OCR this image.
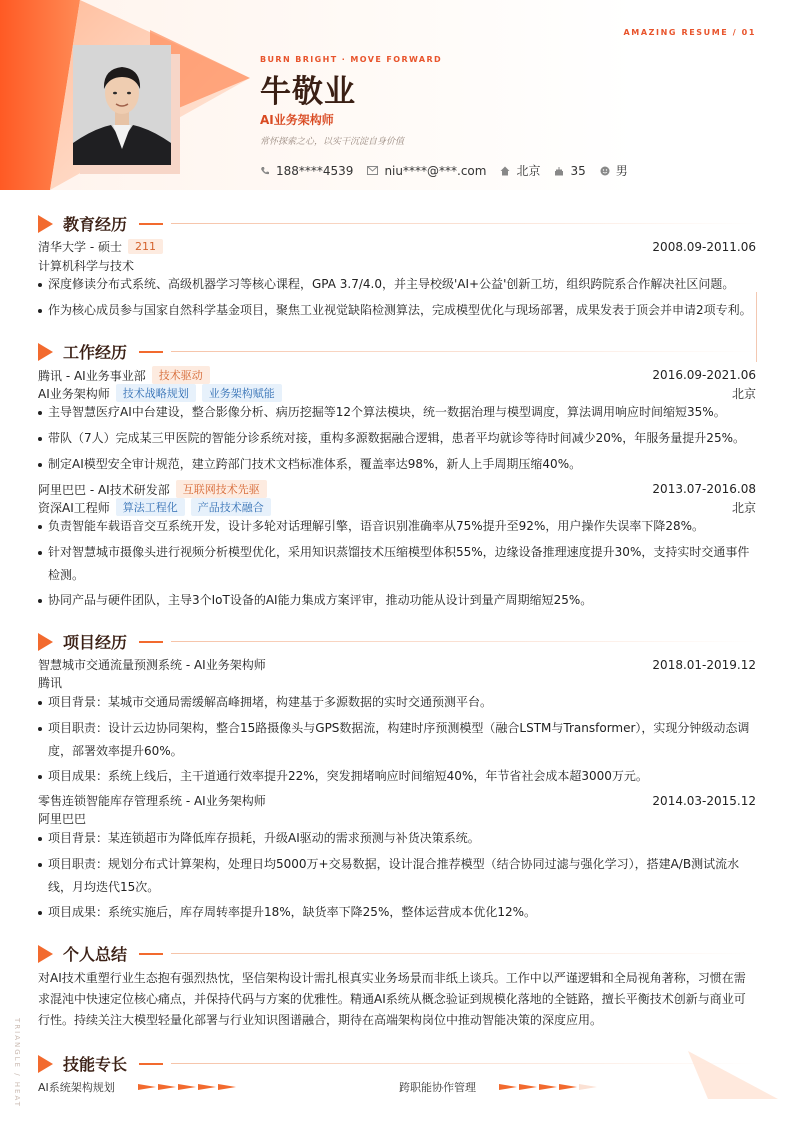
AMAZING RESUME / 01
BURN BRIGHT · MOVE FORWARD
牛敬业
AI业务架构师
常怀探索之心，以实干沉淀自身价值
188****4539	niu****@***.com	北京	35	男
教育经历
清华大学 - 硕士	211	2008.09-2011.06
计算机科学与技术
深度修读分布式系统、高级机器学习等核心课程，GPA 3.7/4.0，并主导校级'AI+公益'创新工坊，组织跨院系合作解决社区问题。
作为核心成员参与国家自然科学基金项目，聚焦工业视觉缺陷检测算法，完成模型优化与现场部署，成果发表于顶会并申请2项专利。
工作经历
腾讯 - AI业务事业部	技术驱动	2016.09-2021.06
AI业务架构师	技术战略规划	业务架构赋能	北京
主导智慧医疗AI中台建设，整合影像分析、病历挖掘等12个算法模块，统一数据治理与模型调度，算法调用响应时间缩短35%。
带队（7人）完成某三甲医院的智能分诊系统对接，重构多源数据融合逻辑，患者平均就诊等待时间减少20%，年服务量提升25%。
制定AI模型安全审计规范，建立跨部门技术文档标准体系，覆盖率达98%，新人上手周期压缩40%。
阿里巴巴 - AI技术研发部	互联网技术先驱	2013.07-2016.08
资深AI工程师	算法工程化	产品技术融合	北京
负责智能车载语音交互系统开发，设计多轮对话理解引擎，语音识别准确率从75%提升至92%，用户操作失误率下降28%。
针对智慧城市摄像头进行视频分析模型优化，采用知识蒸馏技术压缩模型体积55%，边缘设备推理速度提升30%，支持实时交通事件检测。
协同产品与硬件团队，主导3个IoT设备的AI能力集成方案评审，推动功能从设计到量产周期缩短25%。
项目经历
智慧城市交通流量预测系统 - AI业务架构师	2018.01-2019.12
腾讯
项目背景：某城市交通局需缓解高峰拥堵，构建基于多源数据的实时交通预测平台。
项目职责：设计云边协同架构，整合15路摄像头与GPS数据流，构建时序预测模型（融合LSTM与Transformer），实现分钟级动态调度，部署效率提升60%。
项目成果：系统上线后，主干道通行效率提升22%，突发拥堵响应时间缩短40%，年节省社会成本超3000万元。
零售连锁智能库存管理系统 - AI业务架构师	2014.03-2015.12
阿里巴巴
项目背景：某连锁超市为降低库存损耗，升级AI驱动的需求预测与补货决策系统。
项目职责：规划分布式计算架构，处理日均5000万+交易数据，设计混合推荐模型（结合协同过滤与强化学习），搭建A/B测试流水线，月均迭代15次。
项目成果：系统实施后，库存周转率提升18%，缺货率下降25%，整体运营成本优化12%。
个人总结
对AI技术重塑行业生态抱有强烈热忱，坚信架构设计需扎根真实业务场景而非纸上谈兵。工作中以严谨逻辑和全局视角著称，习惯在需求混沌中快速定位核心痛点，并保持代码与方案的优雅性。精通AI系统从概念验证到规模化落地的全链路，擅长平衡技术创新与商业可行性。持续关注大模型轻量化部署与行业知识图谱融合，期待在高端架构岗位中推动智能决策的深度应用。
技能专长
AI系统架构规划	跨职能协作管理
TRIANGLE / HEAT
